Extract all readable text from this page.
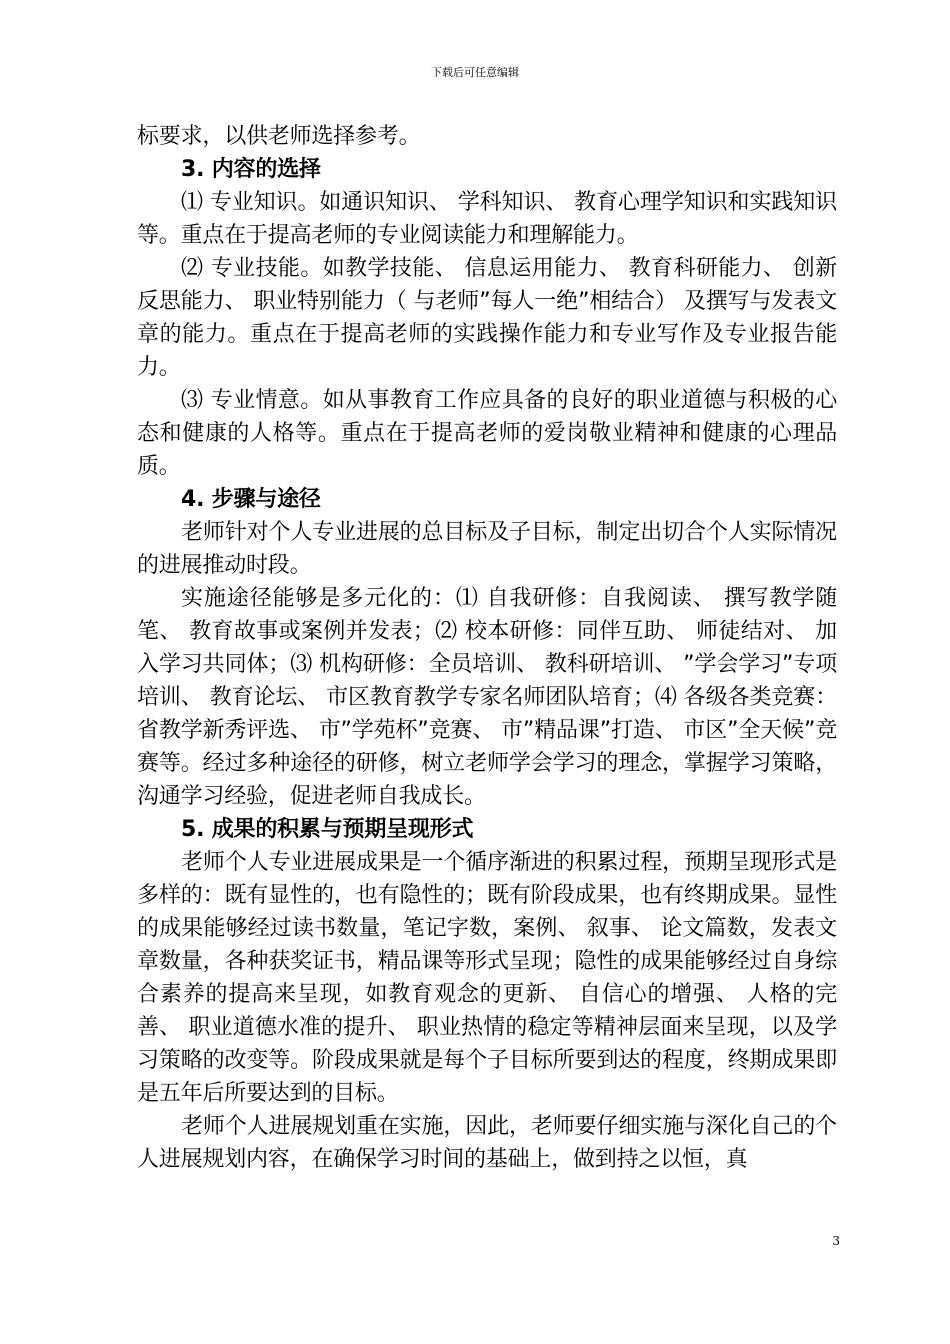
下载后可任意编辑

标要求，以供老师选择参考。

3. 内容的选择

⑴ 专业知识。如通识知识、 学科知识、 教育心理学知识和实践知识等。重点在于提高老师的专业阅读能力和理解能力。

⑵ 专业技能。如教学技能、 信息运用能力、 教育科研能力、 创新反思能力、 职业特别能力（ 与老师”每人一绝”相结合） 及撰写与发表文章的能力。重点在于提高老师的实践操作能力和专业写作及专业报告能力。

⑶ 专业情意。如从事教育工作应具备的良好的职业道德与积极的心态和健康的人格等。重点在于提高老师的爱岗敬业精神和健康的心理品质。

4. 步骤与途径

老师针对个人专业进展的总目标及子目标，制定出切合个人实际情况的进展推动时段。

实施途径能够是多元化的：⑴ 自我研修：自我阅读、 撰写教学随笔、 教育故事或案例并发表；⑵ 校本研修：同伴互助、 师徒结对、 加入学习共同体；⑶ 机构研修：全员培训、 教科研培训、 ”学会学习”专项培训、 教育论坛、 市区教育教学专家名师团队培育；⑷ 各级各类竞赛：省教学新秀评选、 市”学苑杯”竞赛、 市”精品课”打造、 市区”全天候”竞赛等。经过多种途径的研修，树立老师学会学习的理念，掌握学习策略，沟通学习经验，促进老师自我成长。

5. 成果的积累与预期呈现形式

老师个人专业进展成果是一个循序渐进的积累过程，预期呈现形式是多样的：既有显性的，也有隐性的；既有阶段成果，也有终期成果。显性的成果能够经过读书数量，笔记字数，案例、 叙事、 论文篇数，发表文章数量，各种获奖证书，精品课等形式呈现；隐性的成果能够经过自身综合素养的提高来呈现，如教育观念的更新、 自信心的增强、 人格的完善、 职业道德水准的提升、 职业热情的稳定等精神层面来呈现，以及学习策略的改变等。阶段成果就是每个子目标所要到达的程度，终期成果即是五年后所要达到的目标。

老师个人进展规划重在实施，因此，老师要仔细实施与深化自己的个人进展规划内容，在确保学习时间的基础上，做到持之以恒，真

3
